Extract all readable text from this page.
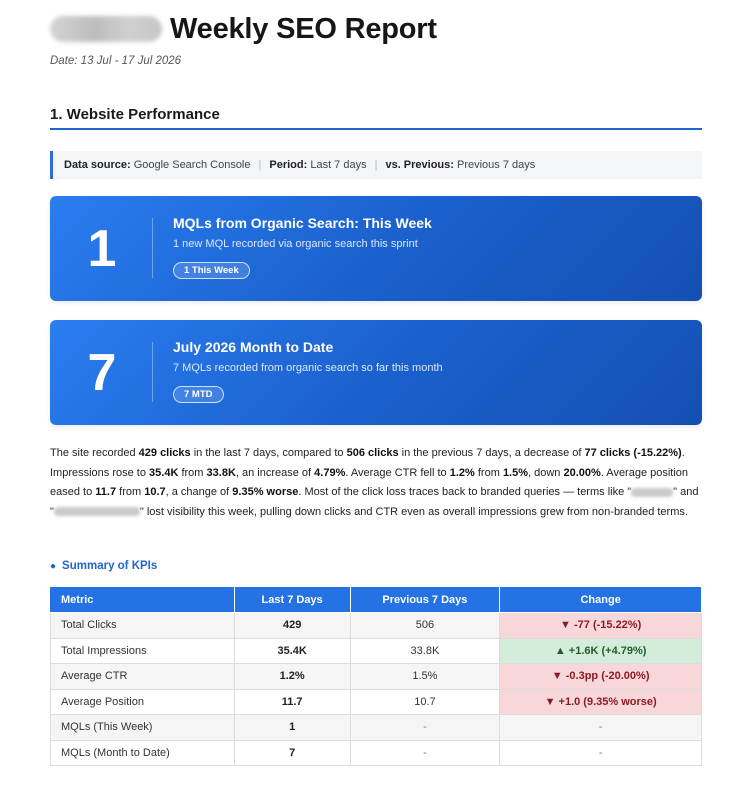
Weekly SEO Report
Date: 13 Jul - 17 Jul 2026
1. Website Performance
Data source:
Google Search Console | Period:
Last 7 days | vs. Previous:
Previous 7 days
1	MQLs from Organic Search: This Week
1 new MQL recorded via organic search this sprint
1 This Week
7	July 2026 Month to Date
7 MQLs recorded from organic search so far this month
7 MTD

The site recorded 429 clicks in the last 7 days, compared to 506 clicks in the previous 7 days, a decrease of 77 clicks (-15.22%). Impressions rose to 35.4K from 33.8K, an increase of 4.79%. Average CTR fell to 1.2% from 1.5%, down 20.00%. Average position eased to 11.7 from 10.7, a change of 9.35% worse. Most of the click loss traces back to branded queries — terms like "	" and "	" lost visibility this week, pulling down clicks and CTR even as overall impressions grew from non-branded terms.

● Summary of KPIs
Metric	Last 7 Days	Previous 7 Days	Change
Total Clicks	429	506	▼ -77 (-15.22%)
Total Impressions	35.4K	33.8K	▲ +1.6K (+4.79%)
Average CTR	1.2%	1.5%	▼ -0.3pp (-20.00%)
Average Position	11.7	10.7	▼ +1.0 (9.35% worse)
MQLs (This Week)	1	-	-
MQLs (Month to Date)	7	-	-
